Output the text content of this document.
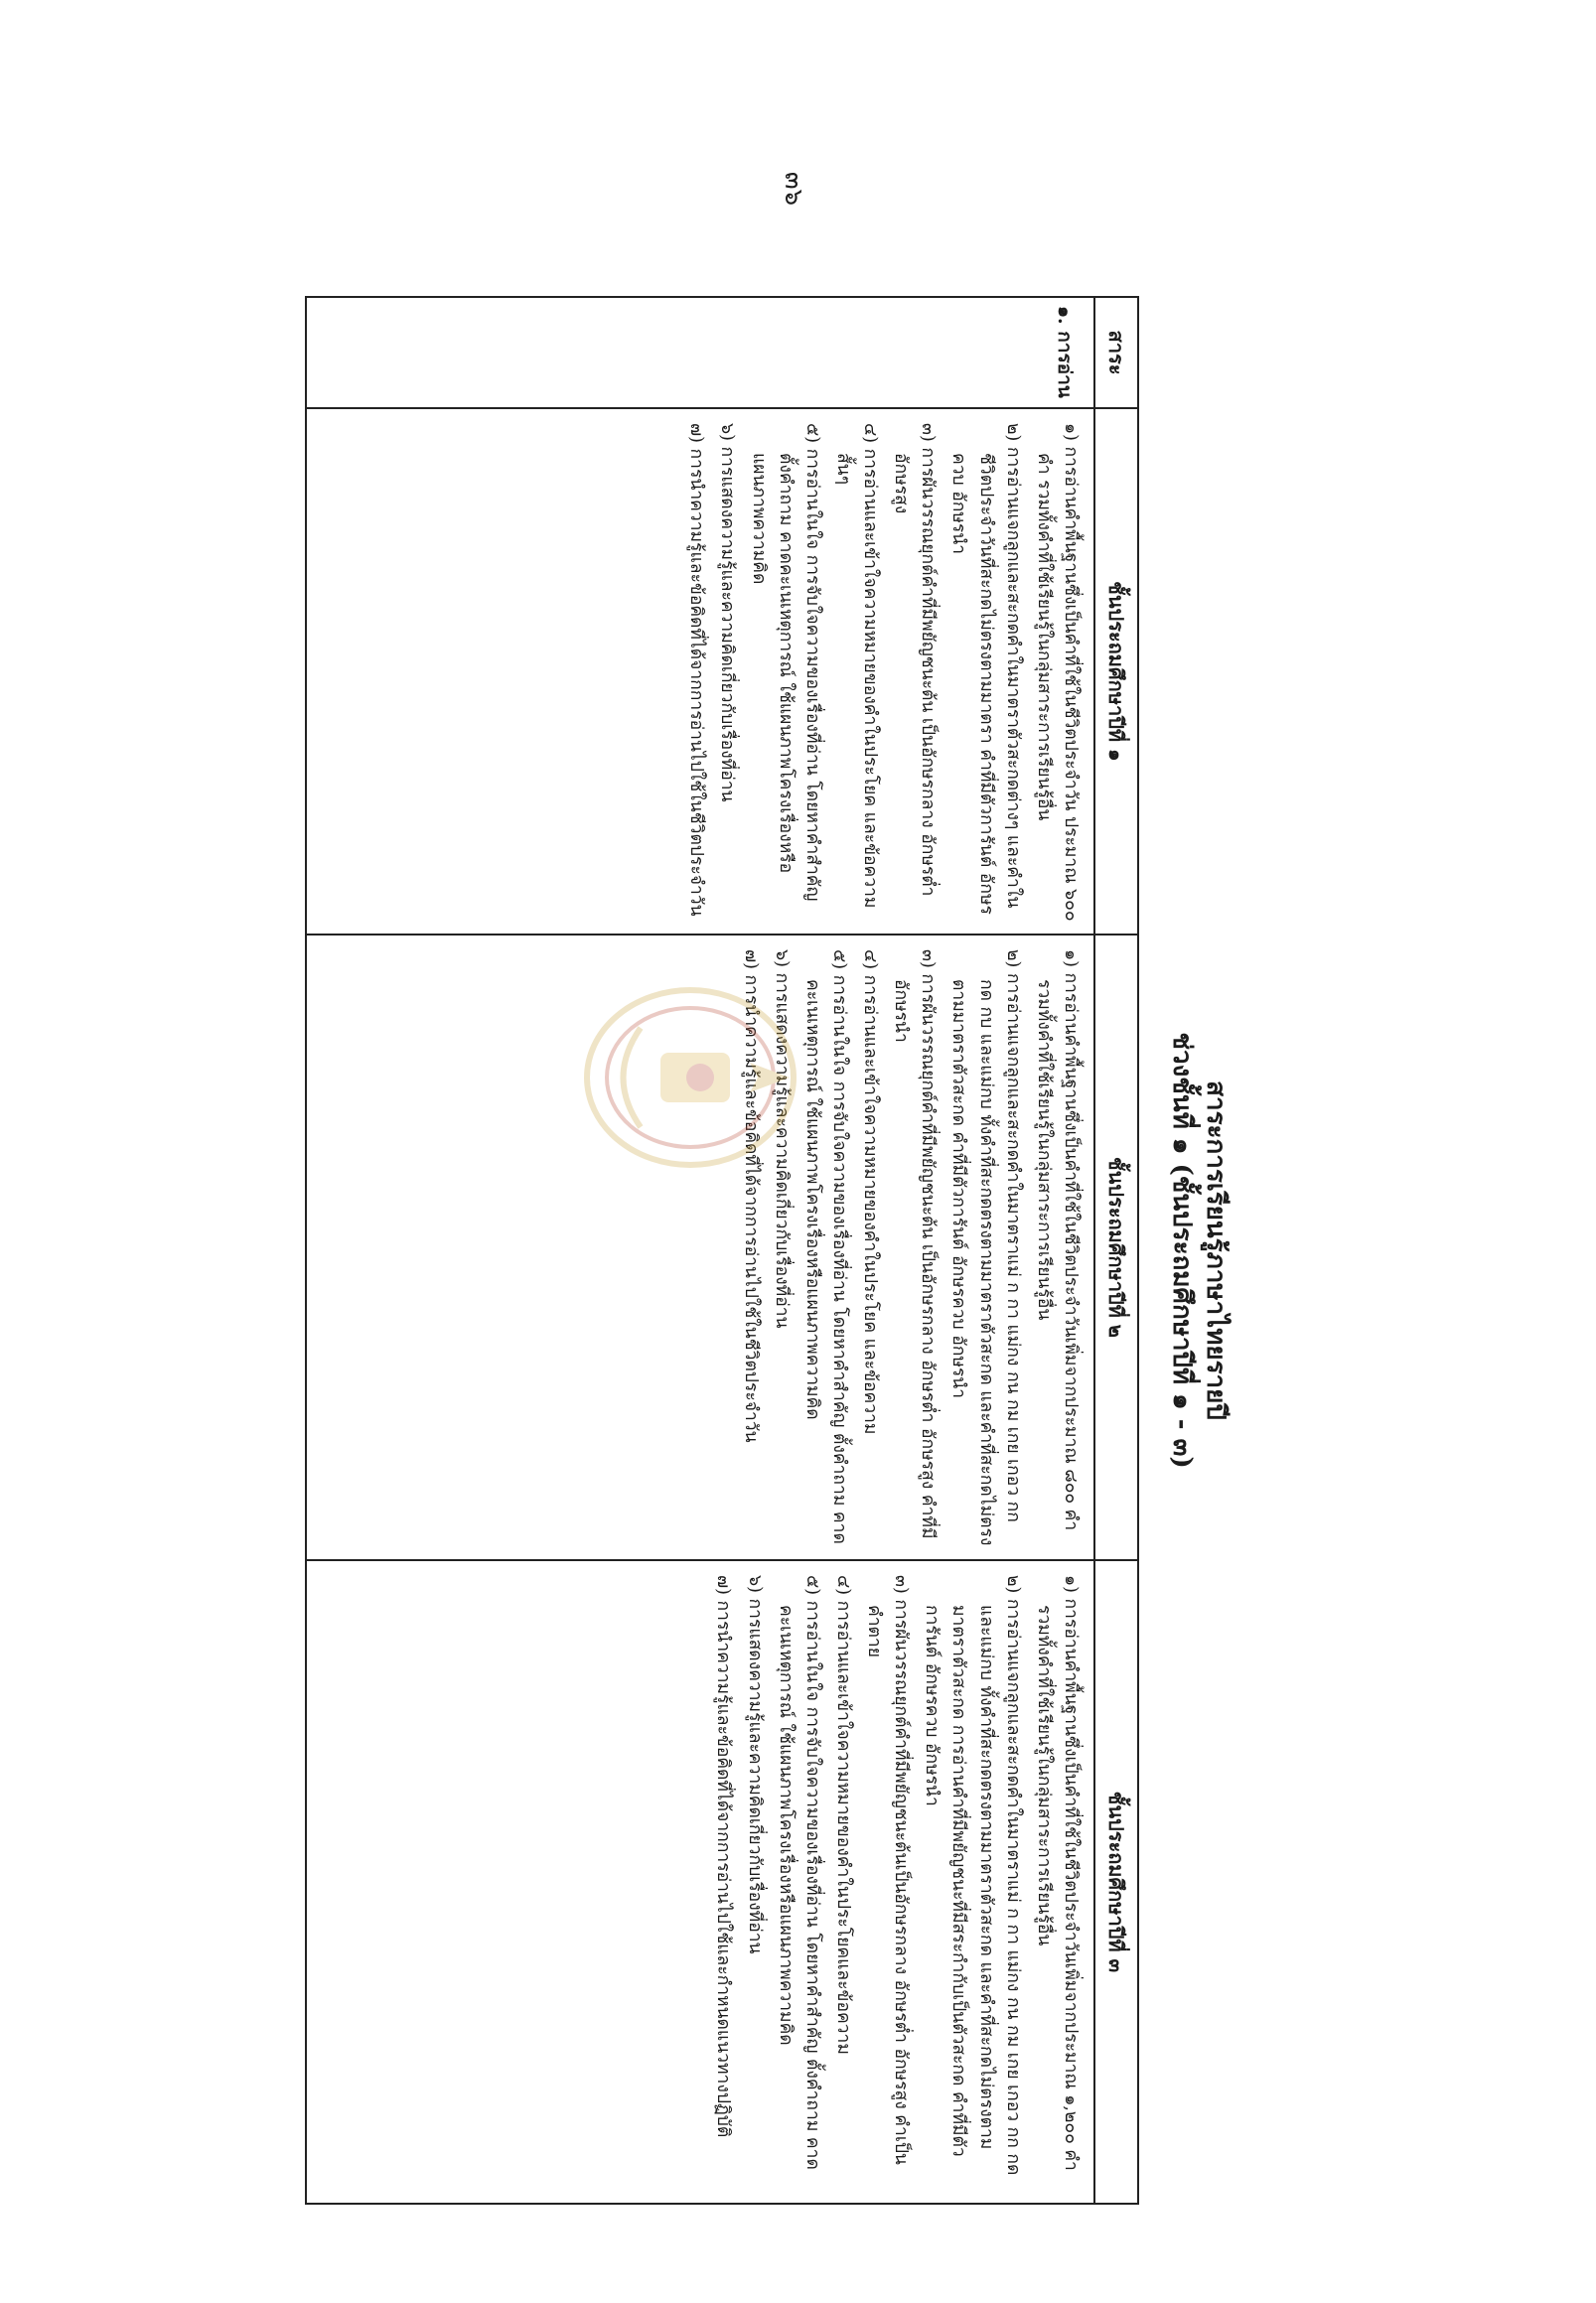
๓๖
สาระการเรียนรู้ภาษาไทยรายปี
ช่วงชั้นที่ ๑ (ชั้นประถมศึกษาปีที่ ๑ - ๓)
สาระ
๑. การอ่าน
ชั้นประถมศึกษาปีที่ ๑

๑) การอ่านคำพื้นฐานซึ่งเป็นคำที่ใช้ในชีวิตประจำวัน ประมาณ ๖๐๐ คำ รวมทั้งคำที่ใช้เรียนรู้ในกลุ่มสาระการเรียนรู้อื่น

๒) การอ่านแจกลูกและสะกดคำในมาตราตัวสะกดต่างๆ และคำในชีวิตประจำวันที่สะกดไม่ตรงตามมาตรา คำที่มีตัวการันต์ อักษรควบ อักษรนำ

๓) การผันวรรณยุกต์คำที่มีพยัญชนะต้น เป็นอักษรกลาง อักษรต่ำ อักษรสูง

๔) การอ่านและเข้าใจความหมายของคำในประโยค และข้อความสั้นๆ

๕) การอ่านในใจ การจับใจความของเรื่องที่อ่าน โดยหาคำสำคัญ ตั้งคำถาม คาดคะเนเหตุการณ์ ใช้แผนภาพโครงเรื่องหรือแผนภาพความคิด

๖) การแสดงความรู้และความคิดเกี่ยวกับเรื่องที่อ่าน

๗) การนำความรู้และข้อคิดที่ได้จากการอ่านไปใช้ในชีวิตประจำวัน

ชั้นประถมศึกษาปีที่ ๒

๑) การอ่านคำพื้นฐานซึ่งเป็นคำที่ใช้ในชีวิตประจำวันเพิ่มจากประมาณ ๘๐๐ คำ รวมทั้งคำที่ใช้เรียนรู้ในกลุ่มสาระการเรียนรู้อื่น

๒) การอ่านแจกลูกและสะกดคำในมาตราแม่ ก กา แม่กง กน กม เกย เกอว กก กด กบ และแม่กบ ทั้งคำที่สะกดตรงตามมาตราตัวสะกด และคำที่สะกดไม่ตรงตามมาตราตัวสะกด คำที่มีตัวการันต์ อักษรควบ อักษรนำ

๓) การผันวรรณยุกต์คำที่มีพยัญชนะต้น เป็นอักษรกลาง อักษรต่ำ อักษรสูง คำที่มีอักษรนำ

๔) การอ่านและเข้าใจความหมายของคำในประโยค และข้อความ

๕) การอ่านในใจ การจับใจความของเรื่องที่อ่าน โดยหาคำสำคัญ ตั้งคำถาม คาดคะเนเหตุการณ์ ใช้แผนภาพโครงเรื่องหรือแผนภาพความคิด

๖) การแสดงความรู้และความคิดเกี่ยวกับเรื่องที่อ่าน

๗) การนำความรู้และข้อคิดที่ได้จากการอ่านไปใช้ในชีวิตประจำวัน

ชั้นประถมศึกษาปีที่ ๓

๑) การอ่านคำพื้นฐานซึ่งเป็นคำที่ใช้ในชีวิตประจำวันเพิ่มจากประมาณ ๑,๒๐๐ คำ รวมทั้งคำที่ใช้เรียนรู้ในกลุ่มสาระการเรียนรู้อื่น

๒) การอ่านแจกลูกและสะกดคำในมาตราแม่ ก กา แม่กง กน กม เกย เกอว กก กด และแม่กบ ทั้งคำที่สะกดตรงตามมาตราตัวสะกด และคำที่สะกดไม่ตรงตามมาตราตัวสะกด การอ่านคำที่มีพยัญชนะที่มีสระกำกับเป็นตัวสะกด คำที่มีตัวการันต์ อักษรควบ อักษรนำ

๓) การผันวรรณยุกต์คำที่มีพยัญชนะต้นเป็นอักษรกลาง อักษรต่ำ อักษรสูง คำเป็น คำตาย

๔) การอ่านและเข้าใจความหมายของคำในประโยคและข้อความ

๕) การอ่านในใจ การจับใจความของเรื่องที่อ่าน โดยหาคำสำคัญ ตั้งคำถาม คาดคะเนเหตุการณ์ ใช้แผนภาพโครงเรื่องหรือแผนภาพความคิด

๖) การแสดงความรู้และความคิดเกี่ยวกับเรื่องที่อ่าน

๗) การนำความรู้และข้อคิดที่ได้จากการอ่านไปใช้และกำหนดแนวทางปฏิบัติ
